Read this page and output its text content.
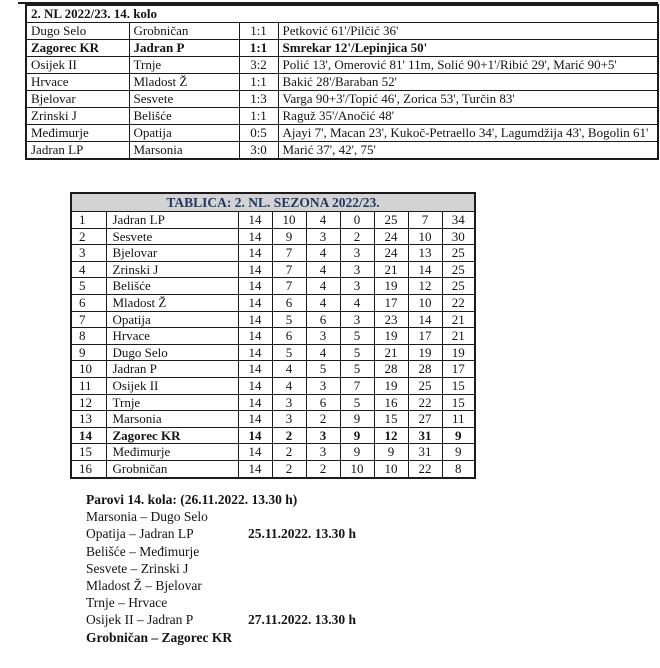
2. NL 2022/23. 14. kolo			
Dugo Selo	Grobničan	1:1	Petković 61'/Pilčić 36'
Zagorec KR	Jadran P	1:1	Smrekar 12'/Lepinjica 50'
Osijek II	Trnje	3:2	Polić 13', Omerović 81' 11m, Solić 90+1'/Ribić 29', Marić 90+5'
Hrvace	Mladost Ž	1:1	Bakić 28'/Baraban 52'
Bjelovar	Sesvete	1:3	Varga 90+3'/Topić 46', Zorica 53', Turčin 83'
Zrinski J	Belišće	1:1	Raguž 35'/Anočić 48'
Međimurje	Opatija	0:5	Ajayi 7', Macan 23', Kukoč-Petraello 34', Lagumdžija 43', Bogolin 61'
Jadran LP	Marsonia	3:0	Marić 37', 42', 75'
TABLICA: 2. NL. SEZONA 2022/23.								
1	Jadran LP	14	10	4	0	25	7	34
2	Sesvete	14	9	3	2	24	10	30
3	Bjelovar	14	7	4	3	24	13	25
4	Zrinski J	14	7	4	3	21	14	25
5	Belišće	14	7	4	3	19	12	25
6	Mladost Ž	14	6	4	4	17	10	22
7	Opatija	14	5	6	3	23	14	21
8	Hrvace	14	6	3	5	19	17	21
9	Dugo Selo	14	5	4	5	21	19	19
10	Jadran P	14	4	5	5	28	28	17
11	Osijek II	14	4	3	7	19	25	15
12	Trnje	14	3	6	5	16	22	15
13	Marsonia	14	3	2	9	15	27	11
14	Zagorec KR	14	2	3	9	12	31	9
15	Međimurje	14	2	3	9	9	31	9
16	Grobničan	14	2	2	10	10	22	8
Parovi 14. kola: (26.11.2022. 13.30 h)
Marsonia – Dugo Selo
Opatija – Jadran LP	25.11.2022. 13.30 h
Belišće – Međimurje
Sesvete – Zrinski J
Mladost Ž – Bjelovar
Trnje – Hrvace
Osijek II – Jadran P	27.11.2022. 13.30 h
Grobničan – Zagorec KR
